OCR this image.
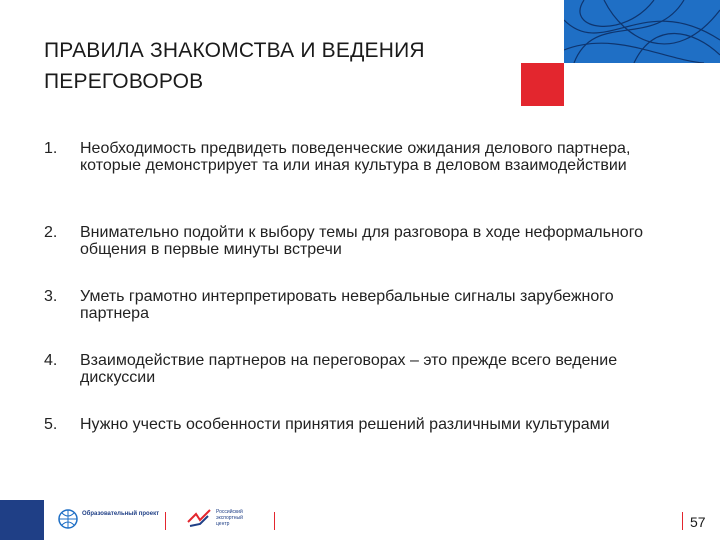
ПРАВИЛА ЗНАКОМСТВА И ВЕДЕНИЯ ПЕРЕГОВОРОВ
1. Необходимость предвидеть поведенческие ожидания делового партнера, которые демонстрирует та или иная культура в деловом взаимодействии
2. Внимательно подойти к выбору темы для разговора в ходе неформального общения в первые минуты встречи
3. Уметь грамотно интерпретировать невербальные сигналы зарубежного партнера
4. Взаимодействие партнеров на переговорах – это прежде всего ведение дискуссии
5. Нужно учесть особенности принятия решений различными культурами
Образовательный проект	Российский экспортный центр	57
